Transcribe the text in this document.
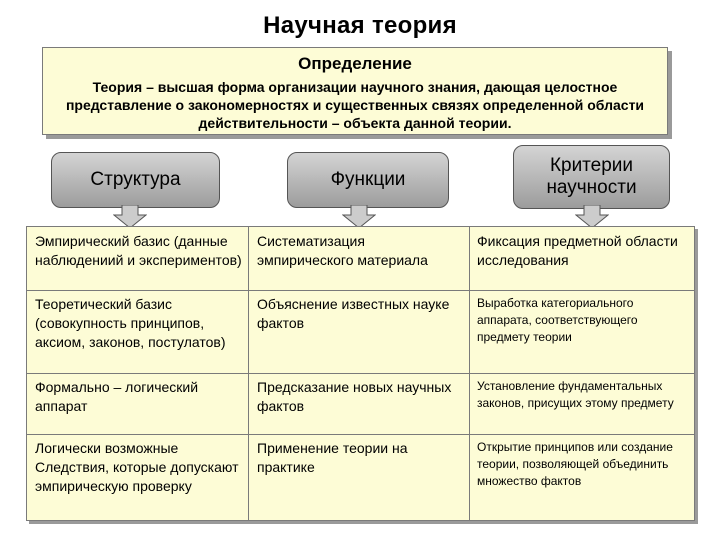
Научная теория
Определение
Теория – высшая форма организации научного знания, дающая целостное представление о закономерностях и существенных связях определенной области действительности – объекта данной теории.
Структура	Функции
Критерии научности
Эмпирический базис (данные наблюдениий и экспериментов)
Систематизация эмпирического материала
Фиксация предметной области исследования
Теоретический базис (совокупность принципов, аксиом, законов, постулатов)
Объяснение известных науке фактов
Выработка категориального аппарата, соответствующего предмету теории
Формально – логический аппарат
Предсказание новых научных фактов
Установление фундаментальных законов, присущих этому предмету
Логически возможные Следствия, которые допускают эмпирическую проверку
Применение теории на практике
Открытие принципов или создание теории, позволяющей объединить множество фактов
